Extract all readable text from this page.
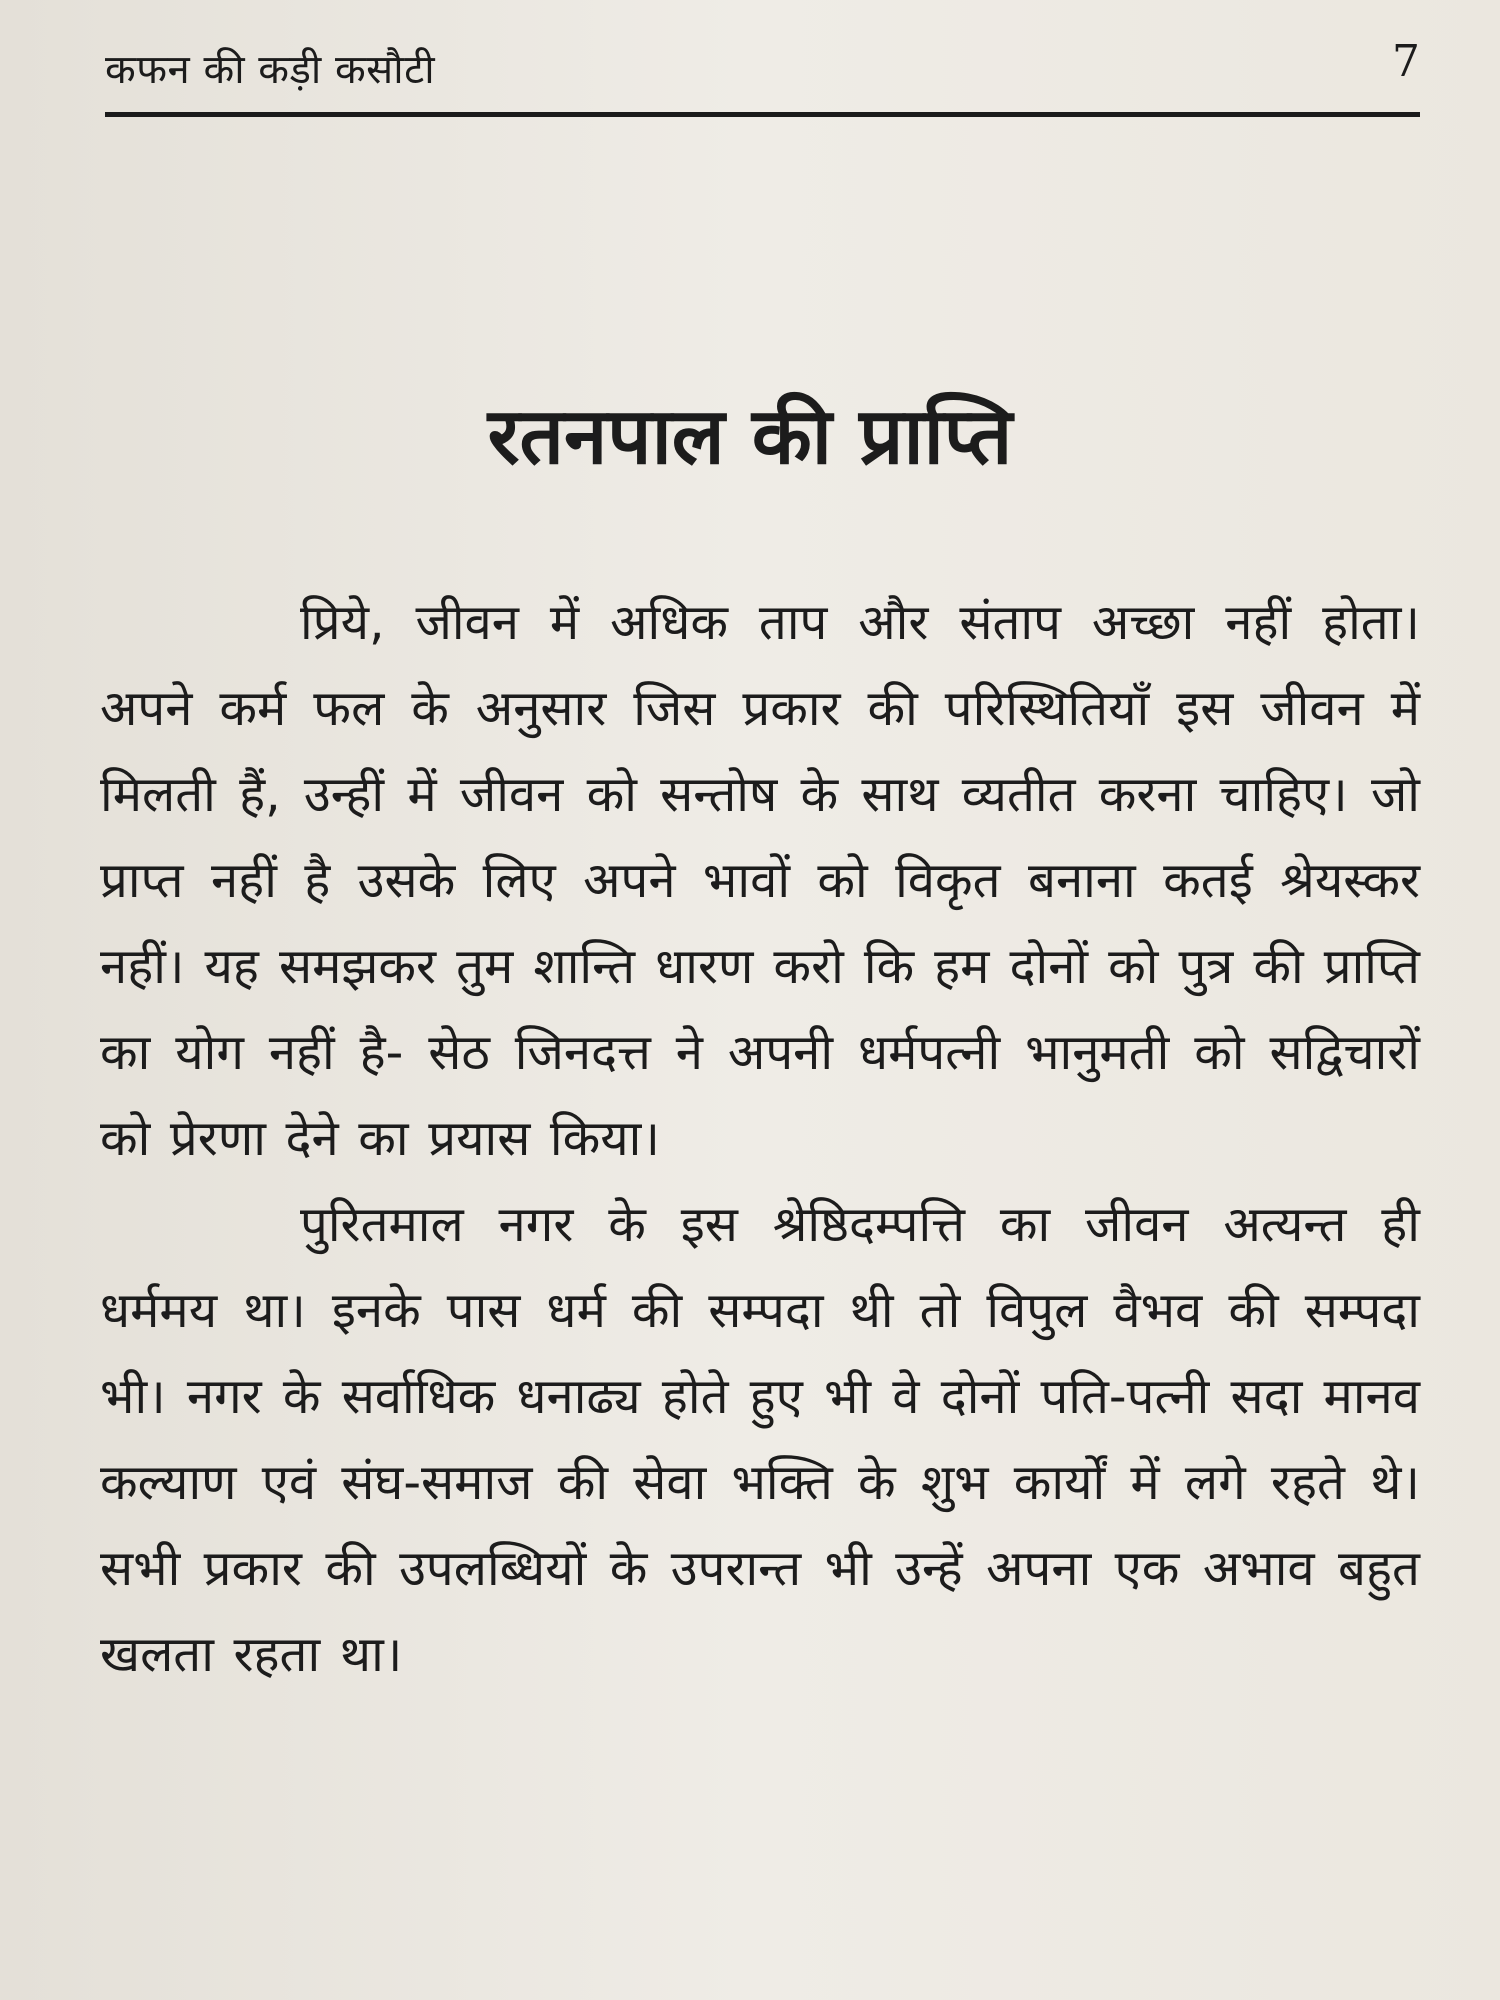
कफन की कड़ी कसौटी	7
रतनपाल की प्राप्ति

प्रिये, जीवन में अधिक ताप और संताप अच्छा नहीं होता। अपने कर्म फल के अनुसार जिस प्रकार की परिस्थितियाँ इस जीवन में मिलती हैं, उन्हीं में जीवन को सन्तोष के साथ व्यतीत करना चाहिए। जो प्राप्त नहीं है उसके लिए अपने भावों को विकृत बनाना कतई श्रेयस्कर नहीं। यह समझकर तुम शान्ति धारण करो कि हम दोनों को पुत्र की प्राप्ति का योग नहीं है- सेठ जिनदत्त ने अपनी धर्मपत्नी भानुमती को सद्विचारों को प्रेरणा देने का प्रयास किया।

पुरितमाल नगर के इस श्रेष्ठिदम्पत्ति का जीवन अत्यन्त ही धर्ममय था। इनके पास धर्म की सम्पदा थी तो विपुल वैभव की सम्पदा भी। नगर के सर्वाधिक धनाढ्य होते हुए भी वे दोनों पति-पत्नी सदा मानव कल्याण एवं संघ-समाज की सेवा भक्ति के शुभ कार्यों में लगे रहते थे। सभी प्रकार की उपलब्धियों के उपरान्त भी उन्हें अपना एक अभाव बहुत खलता रहता था।
